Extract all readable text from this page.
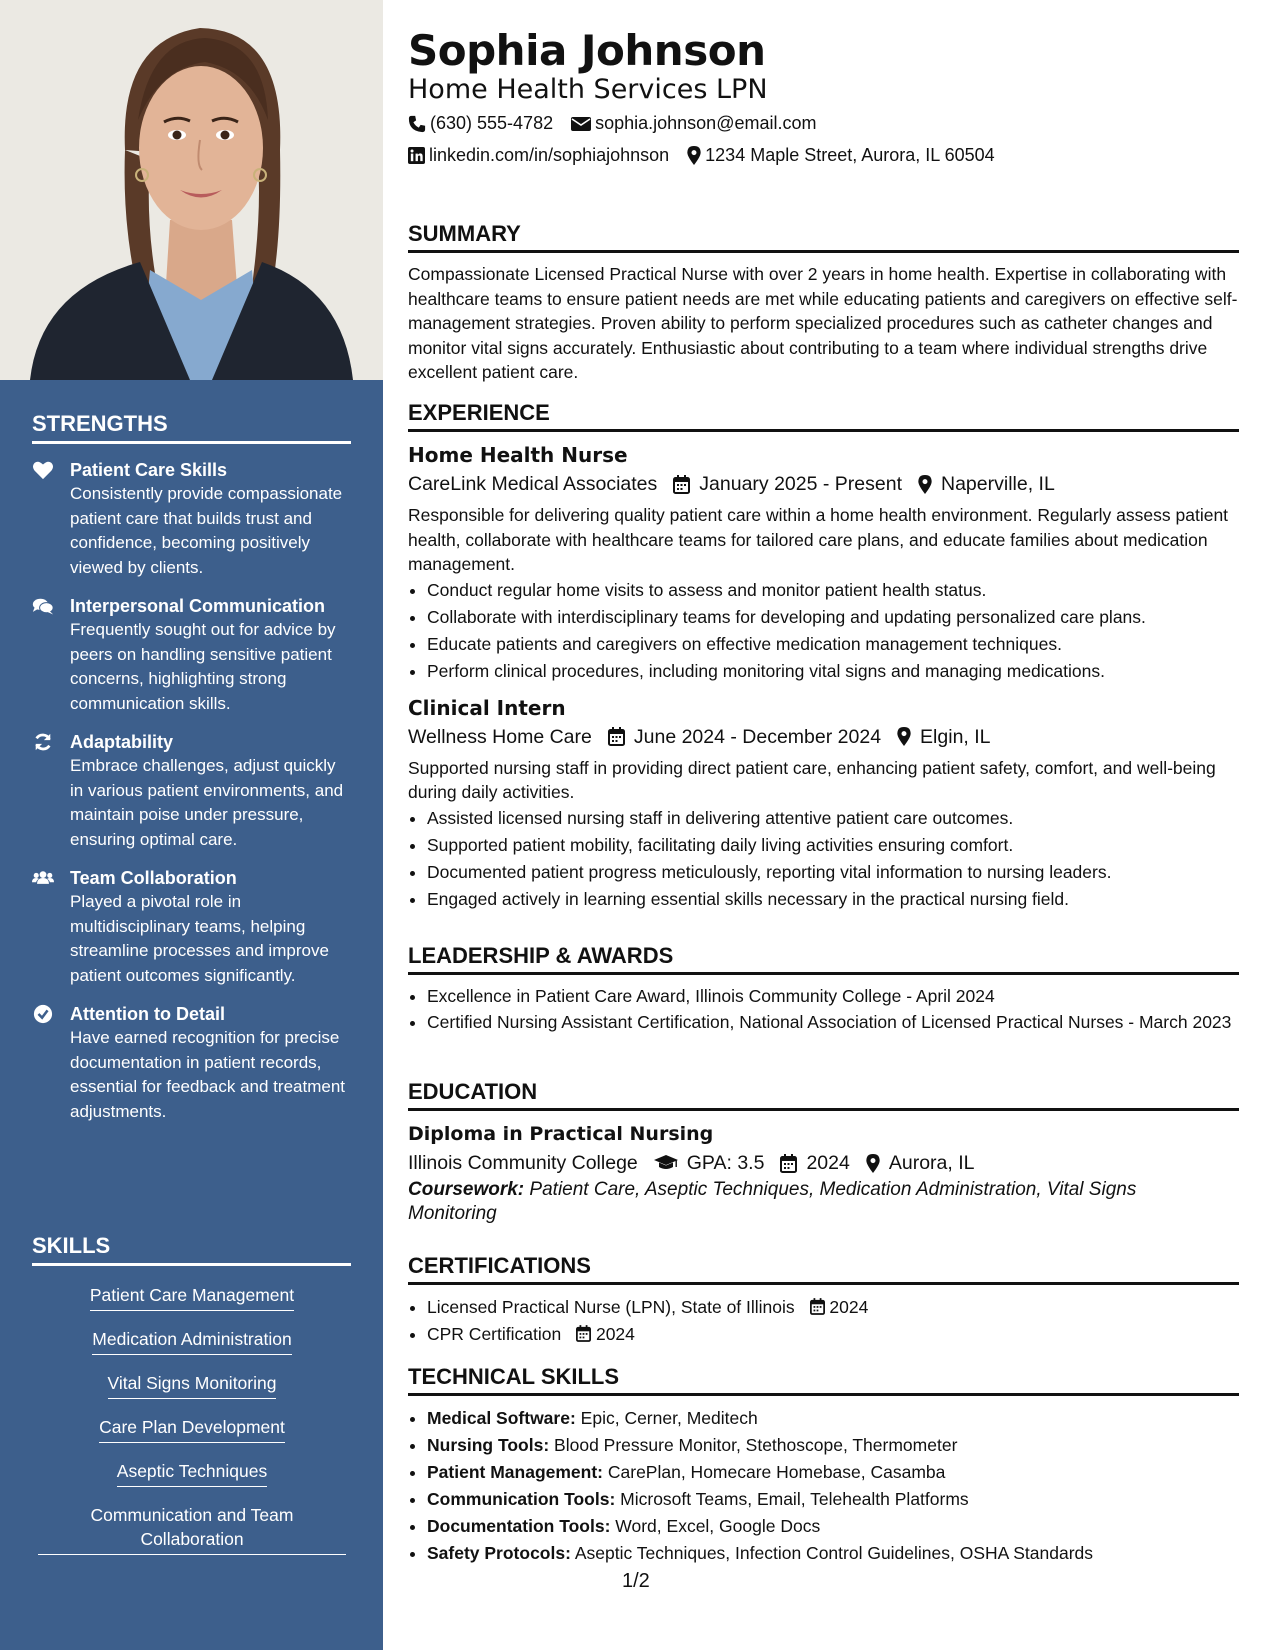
STRENGTHS
Patient Care Skills
Consistently provide compassionate patient care that builds trust and confidence, becoming positively viewed by clients.
Interpersonal Communication
Frequently sought out for advice by peers on handling sensitive patient concerns, highlighting strong communication skills.
Adaptability
Embrace challenges, adjust quickly in various patient environments, and maintain poise under pressure, ensuring optimal care.
Team Collaboration
Played a pivotal role in multidisciplinary teams, helping streamline processes and improve patient outcomes significantly.
Attention to Detail
Have earned recognition for precise documentation in patient records, essential for feedback and treatment adjustments.
SKILLS
Patient Care Management
Medication Administration
Vital Signs Monitoring
Care Plan Development
Aseptic Techniques
Communication and Team Collaboration
Sophia Johnson
Home Health Services LPN
(630) 555-4782 sophia.johnson@email.com
linkedin.com/in/sophiajohnson 1234 Maple Street, Aurora, IL 60504
SUMMARY
Compassionate Licensed Practical Nurse with over 2 years in home health. Expertise in collaborating with healthcare teams to ensure patient needs are met while educating patients and caregivers on effective self-management strategies. Proven ability to perform specialized procedures such as catheter changes and monitor vital signs accurately. Enthusiastic about contributing to a team where individual strengths drive excellent patient care.
EXPERIENCE
Home Health Nurse
CareLink Medical Associates January 2025 - Present Naperville, IL
Responsible for delivering quality patient care within a home health environment. Regularly assess patient health, collaborate with healthcare teams for tailored care plans, and educate families about medication management.
• Conduct regular home visits to assess and monitor patient health status.
• Collaborate with interdisciplinary teams for developing and updating personalized care plans.
• Educate patients and caregivers on effective medication management techniques.
• Perform clinical procedures, including monitoring vital signs and managing medications.
Clinical Intern
Wellness Home Care June 2024 - December 2024 Elgin, IL
Supported nursing staff in providing direct patient care, enhancing patient safety, comfort, and well-being during daily activities.
• Assisted licensed nursing staff in delivering attentive patient care outcomes.
• Supported patient mobility, facilitating daily living activities ensuring comfort.
• Documented patient progress meticulously, reporting vital information to nursing leaders.
• Engaged actively in learning essential skills necessary in the practical nursing field.
LEADERSHIP & AWARDS
• Excellence in Patient Care Award, Illinois Community College - April 2024
• Certified Nursing Assistant Certification, National Association of Licensed Practical Nurses - March 2023
EDUCATION
Diploma in Practical Nursing
Illinois Community College	GPA: 3.5 2024 Aurora, IL
Coursework: Patient Care, Aseptic Techniques, Medication Administration, Vital Signs Monitoring
CERTIFICATIONS
• Licensed Practical Nurse (LPN), State of Illinois 2024
• CPR Certification 2024
TECHNICAL SKILLS
• Medical Software: Epic, Cerner, Meditech
• Nursing Tools: Blood Pressure Monitor, Stethoscope, Thermometer
• Patient Management: CarePlan, Homecare Homebase, Casamba
• Communication Tools: Microsoft Teams, Email, Telehealth Platforms
• Documentation Tools: Word, Excel, Google Docs
• Safety Protocols: Aseptic Techniques, Infection Control Guidelines, OSHA Standards
1/2
